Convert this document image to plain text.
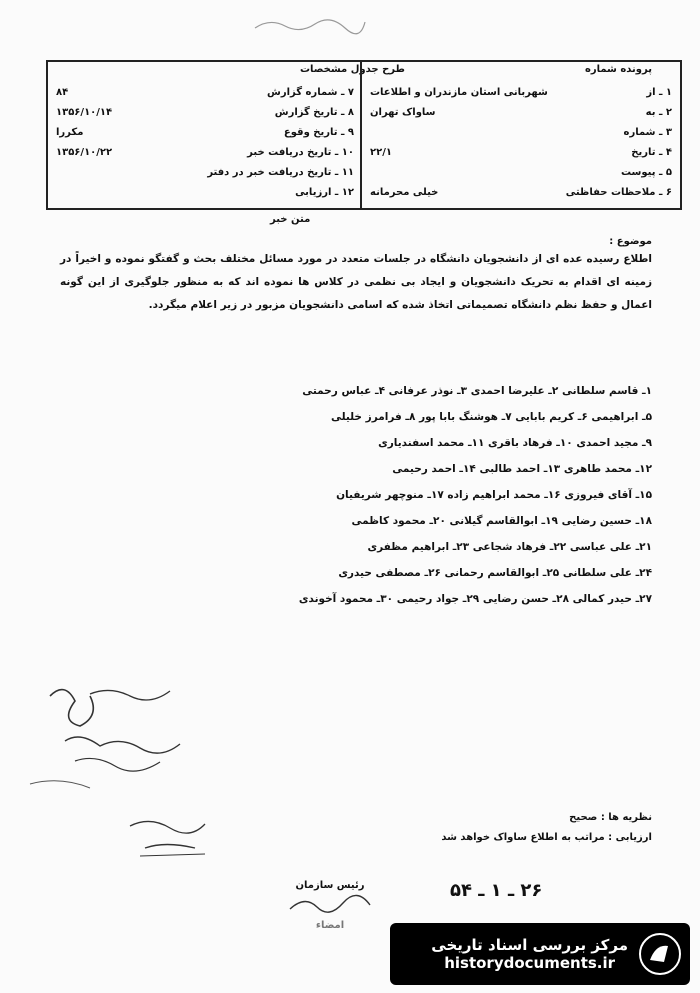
طرح جدول مشخصات	پرونده شماره
۱ ـ از
شهربانی استان مازندران و اطلاعات
۲ ـ به
ساواک تهران
۳ ـ شماره
۴ ـ تاریخ
۲۲/۱
۵ ـ پیوست
۶ ـ ملاحظات حفاظتی
خیلی محرمانه
۷ ـ شماره گزارش
۸۴
۸ ـ تاریخ گزارش
۱۳۵۶/۱۰/۱۴
۹ ـ تاریخ وقوع
مکررا
۱۰ ـ تاریخ دریافت خبر
۱۳۵۶/۱۰/۲۲
۱۱ ـ تاریخ دریافت خبر در دفتر
۱۲ ـ ارزیابی
متن خبر
موضوع :
اطلاع رسیده عده ای از دانشجویان دانشگاه در جلسات متعدد در مورد مسائل مختلف بحث و گفتگو نموده و اخیراً در زمینه ای اقدام به تحریک دانشجویان و ایجاد بی نظمی در کلاس ها نموده اند که به منظور جلوگیری از این گونه اعمال و حفظ نظم دانشگاه تصمیماتی اتخاذ شده که اسامی دانشجویان مزبور در زیر اعلام میگردد.
۱ـ قاسم سلطانی ۲ـ علیرضا احمدی ۳ـ نوذر عرفانی ۴ـ عباس رحمتی
۵ـ ابراهیمی ۶ـ کریم بابایی ۷ـ هوشنگ بابا پور ۸ـ فرامرز خلیلی
۹ـ مجید احمدی ۱۰ـ فرهاد باقری ۱۱ـ محمد اسفندیاری
۱۲ـ محمد طاهری ۱۳ـ احمد طالبی ۱۴ـ احمد رحیمی
۱۵ـ آقای فیروزی ۱۶ـ محمد ابراهیم زاده ۱۷ـ منوچهر شریفیان
۱۸ـ حسین رضایی ۱۹ـ ابوالقاسم گیلانی ۲۰ـ محمود کاظمی
۲۱ـ علی عباسی ۲۲ـ فرهاد شجاعی ۲۳ـ ابراهیم مظفری
۲۴ـ علی سلطانی ۲۵ـ ابوالقاسم رحمانی ۲۶ـ مصطفی حیدری
۲۷ـ حیدر کمالی ۲۸ـ حسن رضایی ۲۹ـ جواد رحیمی ۳۰ـ محمود آخوندی
نظریه ها : صحیح
ارزیابی : مراتب به اطلاع ساواک خواهد شد
رئیس سازمان
امضاء
۲۶ ـ ۱ ـ ۵۴
مرکز بررسی اسناد تاریخی
historydocuments.ir
